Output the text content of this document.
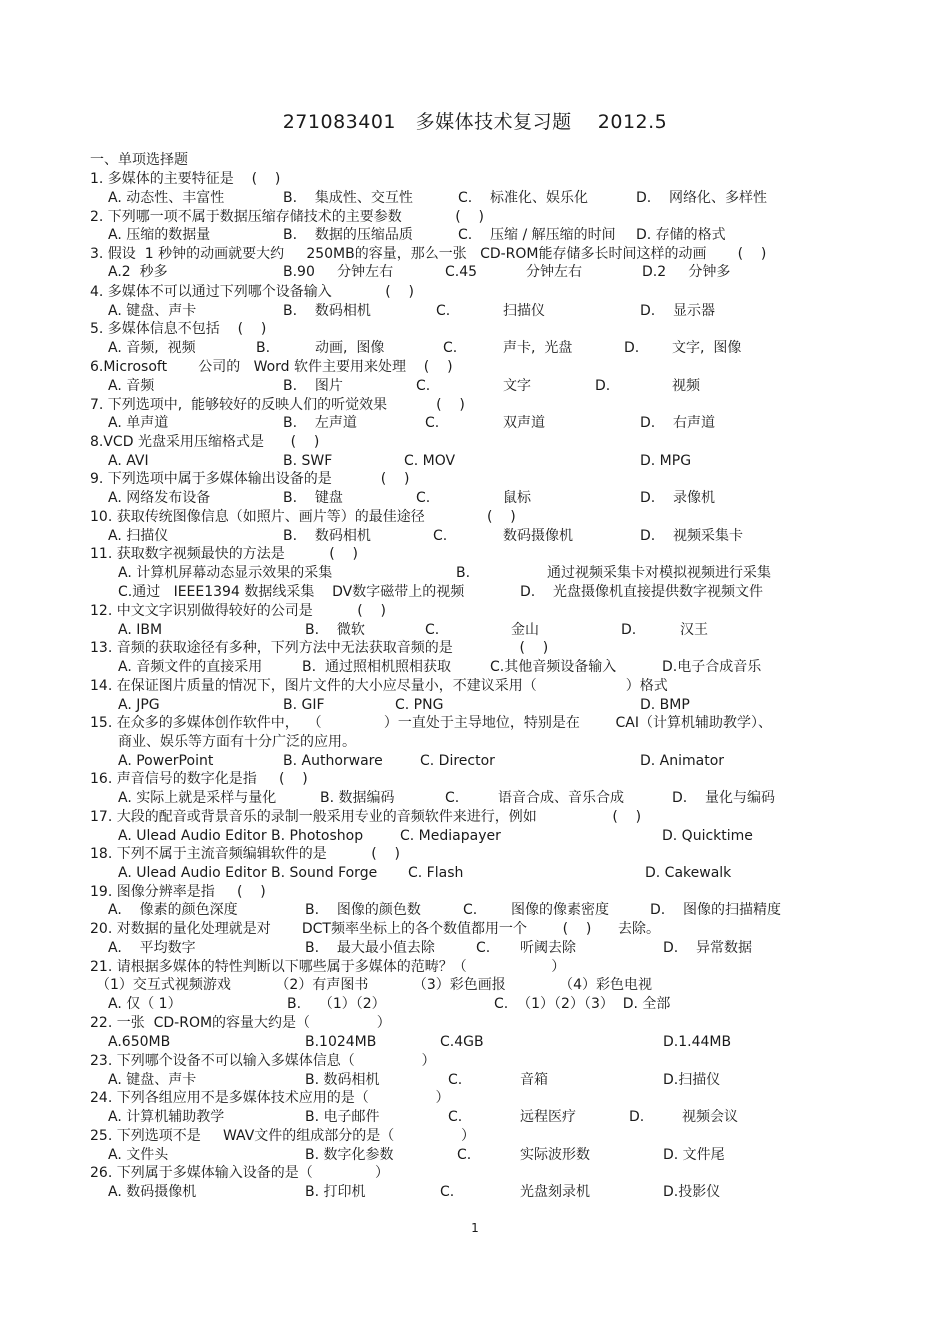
271083401   多媒体技术复习题    2012.5
一、单项选择题
1. 多媒体的主要特征是    (    )
A. 动态性、丰富性	B.    集成性、交互性	C.    标准化、娱乐化	D.    网络化、多样性
2. 下列哪一项不属于数据压缩存储技术的主要参数            (    )
A. 压缩的数据量	B.    数据的压缩品质	C.    压缩 / 解压缩的时间 D. 存储的格式
3. 假设  1 秒钟的动画就要大约     250MB的容量，那么一张   CD-ROM能存储多长时间这样的动画       (    )
A.2  秒多	B.90     分钟左右	C.45           分钟左右	D.2     分钟多
4. 多媒体不可以通过下列哪个设备输入            (    )
A. 键盘、声卡	B.    数码相机	C.	扫描仪	D.    显示器
5. 多媒体信息不包括    (    )
A. 音频,  视频	B.	动画,  图像	C.	声卡,  光盘	D. 文字,  图像
6.Microsoft       公司的   Word 软件主要用来处理    (    )
A. 音频	B.    图片	C.	文字	D.	视频
7. 下列选项中,  能够较好的反映人们的听觉效果           (    )
A. 单声道	B.    左声道	C.	双声道	D.    右声道
8.VCD 光盘采用压缩格式是      (    )
A. AVI	B. SWF	C. MOV	D. MPG
9. 下列选项中属于多媒体输出设备的是           (    )
A. 网络发布设备	B.    键盘	C.	鼠标	D.    录像机
10. 获取传统图像信息（如照片、画片等）的最佳途径              (    )
A. 扫描仪	B.    数码相机	C.	数码摄像机	D.    视频采集卡
11. 获取数字视频最快的方法是          (    )
A. 计算机屏幕动态显示效果的采集	B.	通过视频采集卡对模拟视频进行采集
C.通过   IEEE1394 数据线采集    DV数字磁带上的视频	D.    光盘摄像机直接提供数字视频文件
12. 中文文字识别做得较好的公司是          (    )
A. IBM	B.    微软	C.	金山	D.	汉王
13. 音频的获取途径有多种，下列方法中无法获取音频的是               (    )
A. 音频文件的直接采用	B.  通过照相机照相获取	C.其他音频设备输入	D.电子合成音乐
14. 在保证图片质量的情况下，图片文件的大小应尽量小，不建议采用（                    ）格式
A. JPG	B. GIF	C. PNG	D. BMP
15. 在众多的多媒体创作软件中，  （              ）一直处于主导地位，特别是在        CAI（计算机辅助教学）、
商业、娱乐等方面有十分广泛的应用。
A. PowerPoint	B. Authorware	C. Director	D. Animator
16. 声音信号的数字化是指     (    )
A. 实际上就是采样与量化	B. 数据编码	C.	语音合成、音乐合成	D.    量化与编码
17. 大段的配音或背景音乐的录制一般采用专业的音频软件来进行，例如                 (    )
A. Ulead Audio Editor B. Photoshop	C. Mediapayer	D. Quicktime
18. 下列不属于主流音频编辑软件的是          (    )
A. Ulead Audio Editor B. Sound Forge C. Flash	D. Cakewalk
19. 图像分辨率是指     (    )
A.    像素的颜色深度	B.    图像的颜色数	C. 图像的像素密度	D.    图像的扫描精度
20. 对数据的量化处理就是对       DCT频率坐标上的各个数值都用一个        (    )      去除。
A.    平均数字	B.    最大最小值去除	C. 听阈去除	D.    异常数据
21. 请根据多媒体的特性判断以下哪些属于多媒体的范畴？（                   ）
（1）交互式视频游戏          （2）有声图书          （3）彩色画报            （4）彩色电视
A. 仅（ 1）	B.    （1）（2）	C.  （1）（2）（3）  D. 全部
22. 一张  CD-ROM的容量大约是（               ）
A.650MB	B.1024MB	C.4GB	D.1.44MB
23. 下列哪个设备不可以输入多媒体信息（               ）
A. 键盘、声卡	B. 数码相机	C.	音箱	D.扫描仪
24. 下列各组应用不是多媒体技术应用的是（               ）
A. 计算机辅助教学	B. 电子邮件	C.	远程医疗	D.	视频会议
25. 下列选项不是     WAV文件的组成部分的是（               ）
A. 文件头	B. 数字化参数	C.	实际波形数	D. 文件尾
26. 下列属于多媒体输入设备的是（              ）
A. 数码摄像机	B. 打印机	C.	光盘刻录机	D.投影仪
1
